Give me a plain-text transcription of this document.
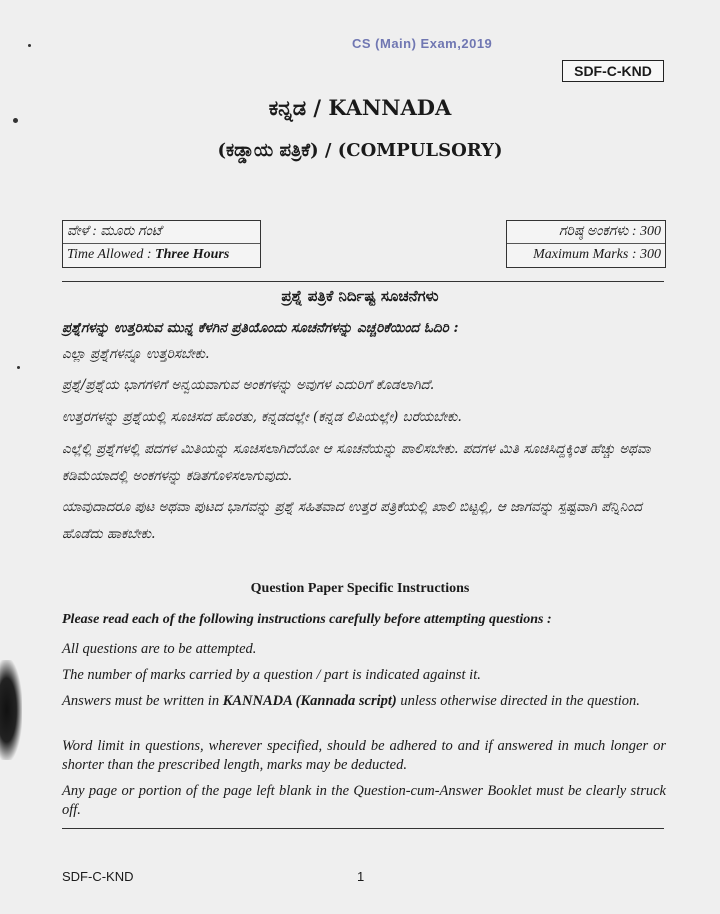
CS (Main) Exam,2019
SDF-C-KND
ಕನ್ನಡ / KANNADA
(ಕಡ್ಡಾಯ ಪತ್ರಿಕೆ) / (COMPULSORY)
ವೇಳೆ : ಮೂರು ಗಂಟೆ
Time Allowed : Three Hours
ಗರಿಷ್ಠ ಅಂಕಗಳು : 300
Maximum Marks : 300
ಪ್ರಶ್ನೆ ಪತ್ರಿಕೆ ನಿರ್ದಿಷ್ಟ ಸೂಚನೆಗಳು
ಪ್ರಶ್ನೆಗಳನ್ನು ಉತ್ತರಿಸುವ ಮುನ್ನ ಕೆಳಗಿನ ಪ್ರತಿಯೊಂದು ಸೂಚನೆಗಳನ್ನು ಎಚ್ಚರಿಕೆಯಿಂದ ಓದಿರಿ :
ಎಲ್ಲಾ ಪ್ರಶ್ನೆಗಳನ್ನೂ ಉತ್ತರಿಸಬೇಕು.
ಪ್ರಶ್ನೆ/ಪ್ರಶ್ನೆಯ ಭಾಗಗಳಿಗೆ ಅನ್ವಯವಾಗುವ ಅಂಕಗಳನ್ನು ಅವುಗಳ ಎದುರಿಗೆ ಕೊಡಲಾಗಿದೆ.
ಉತ್ತರಗಳನ್ನು ಪ್ರಶ್ನೆಯಲ್ಲಿ ಸೂಚಿಸದ ಹೊರತು, ಕನ್ನಡದಲ್ಲೇ (ಕನ್ನಡ ಲಿಪಿಯಲ್ಲೇ) ಬರೆಯಬೇಕು.
ಎಲ್ಲೆಲ್ಲಿ ಪ್ರಶ್ನೆಗಳಲ್ಲಿ ಪದಗಳ ಮಿತಿಯನ್ನು ಸೂಚಿಸಲಾಗಿದೆಯೋ ಆ ಸೂಚನೆಯನ್ನು ಪಾಲಿಸಬೇಕು. ಪದಗಳ ಮಿತಿ ಸೂಚಿಸಿದ್ದಕ್ಕಿಂತ ಹೆಚ್ಚು ಅಥವಾ ಕಡಿಮೆಯಾದಲ್ಲಿ ಅಂಕಗಳನ್ನು ಕಡಿತಗೊಳಿಸಲಾಗುವುದು.
ಯಾವುದಾದರೂ ಪುಟ ಅಥವಾ ಪುಟದ ಭಾಗವನ್ನು ಪ್ರಶ್ನೆ ಸಹಿತವಾದ ಉತ್ತರ ಪತ್ರಿಕೆಯಲ್ಲಿ ಖಾಲಿ ಬಿಟ್ಟಲ್ಲಿ, ಆ ಜಾಗವನ್ನು ಸ್ಪಷ್ಟವಾಗಿ ಪೆನ್ನಿನಿಂದ ಹೊಡೆದು ಹಾಕಬೇಕು.
Question Paper Specific Instructions
Please read each of the following instructions carefully before attempting questions :
All questions are to be attempted.
The number of marks carried by a question / part is indicated against it.
Answers must be written in KANNADA (Kannada script) unless otherwise directed in the question.
Word limit in questions, wherever specified, should be adhered to and if answered in much longer or shorter than the prescribed length, marks may be deducted.
Any page or portion of the page left blank in the Question-cum-Answer Booklet must be clearly struck off.
SDF-C-KND	1
